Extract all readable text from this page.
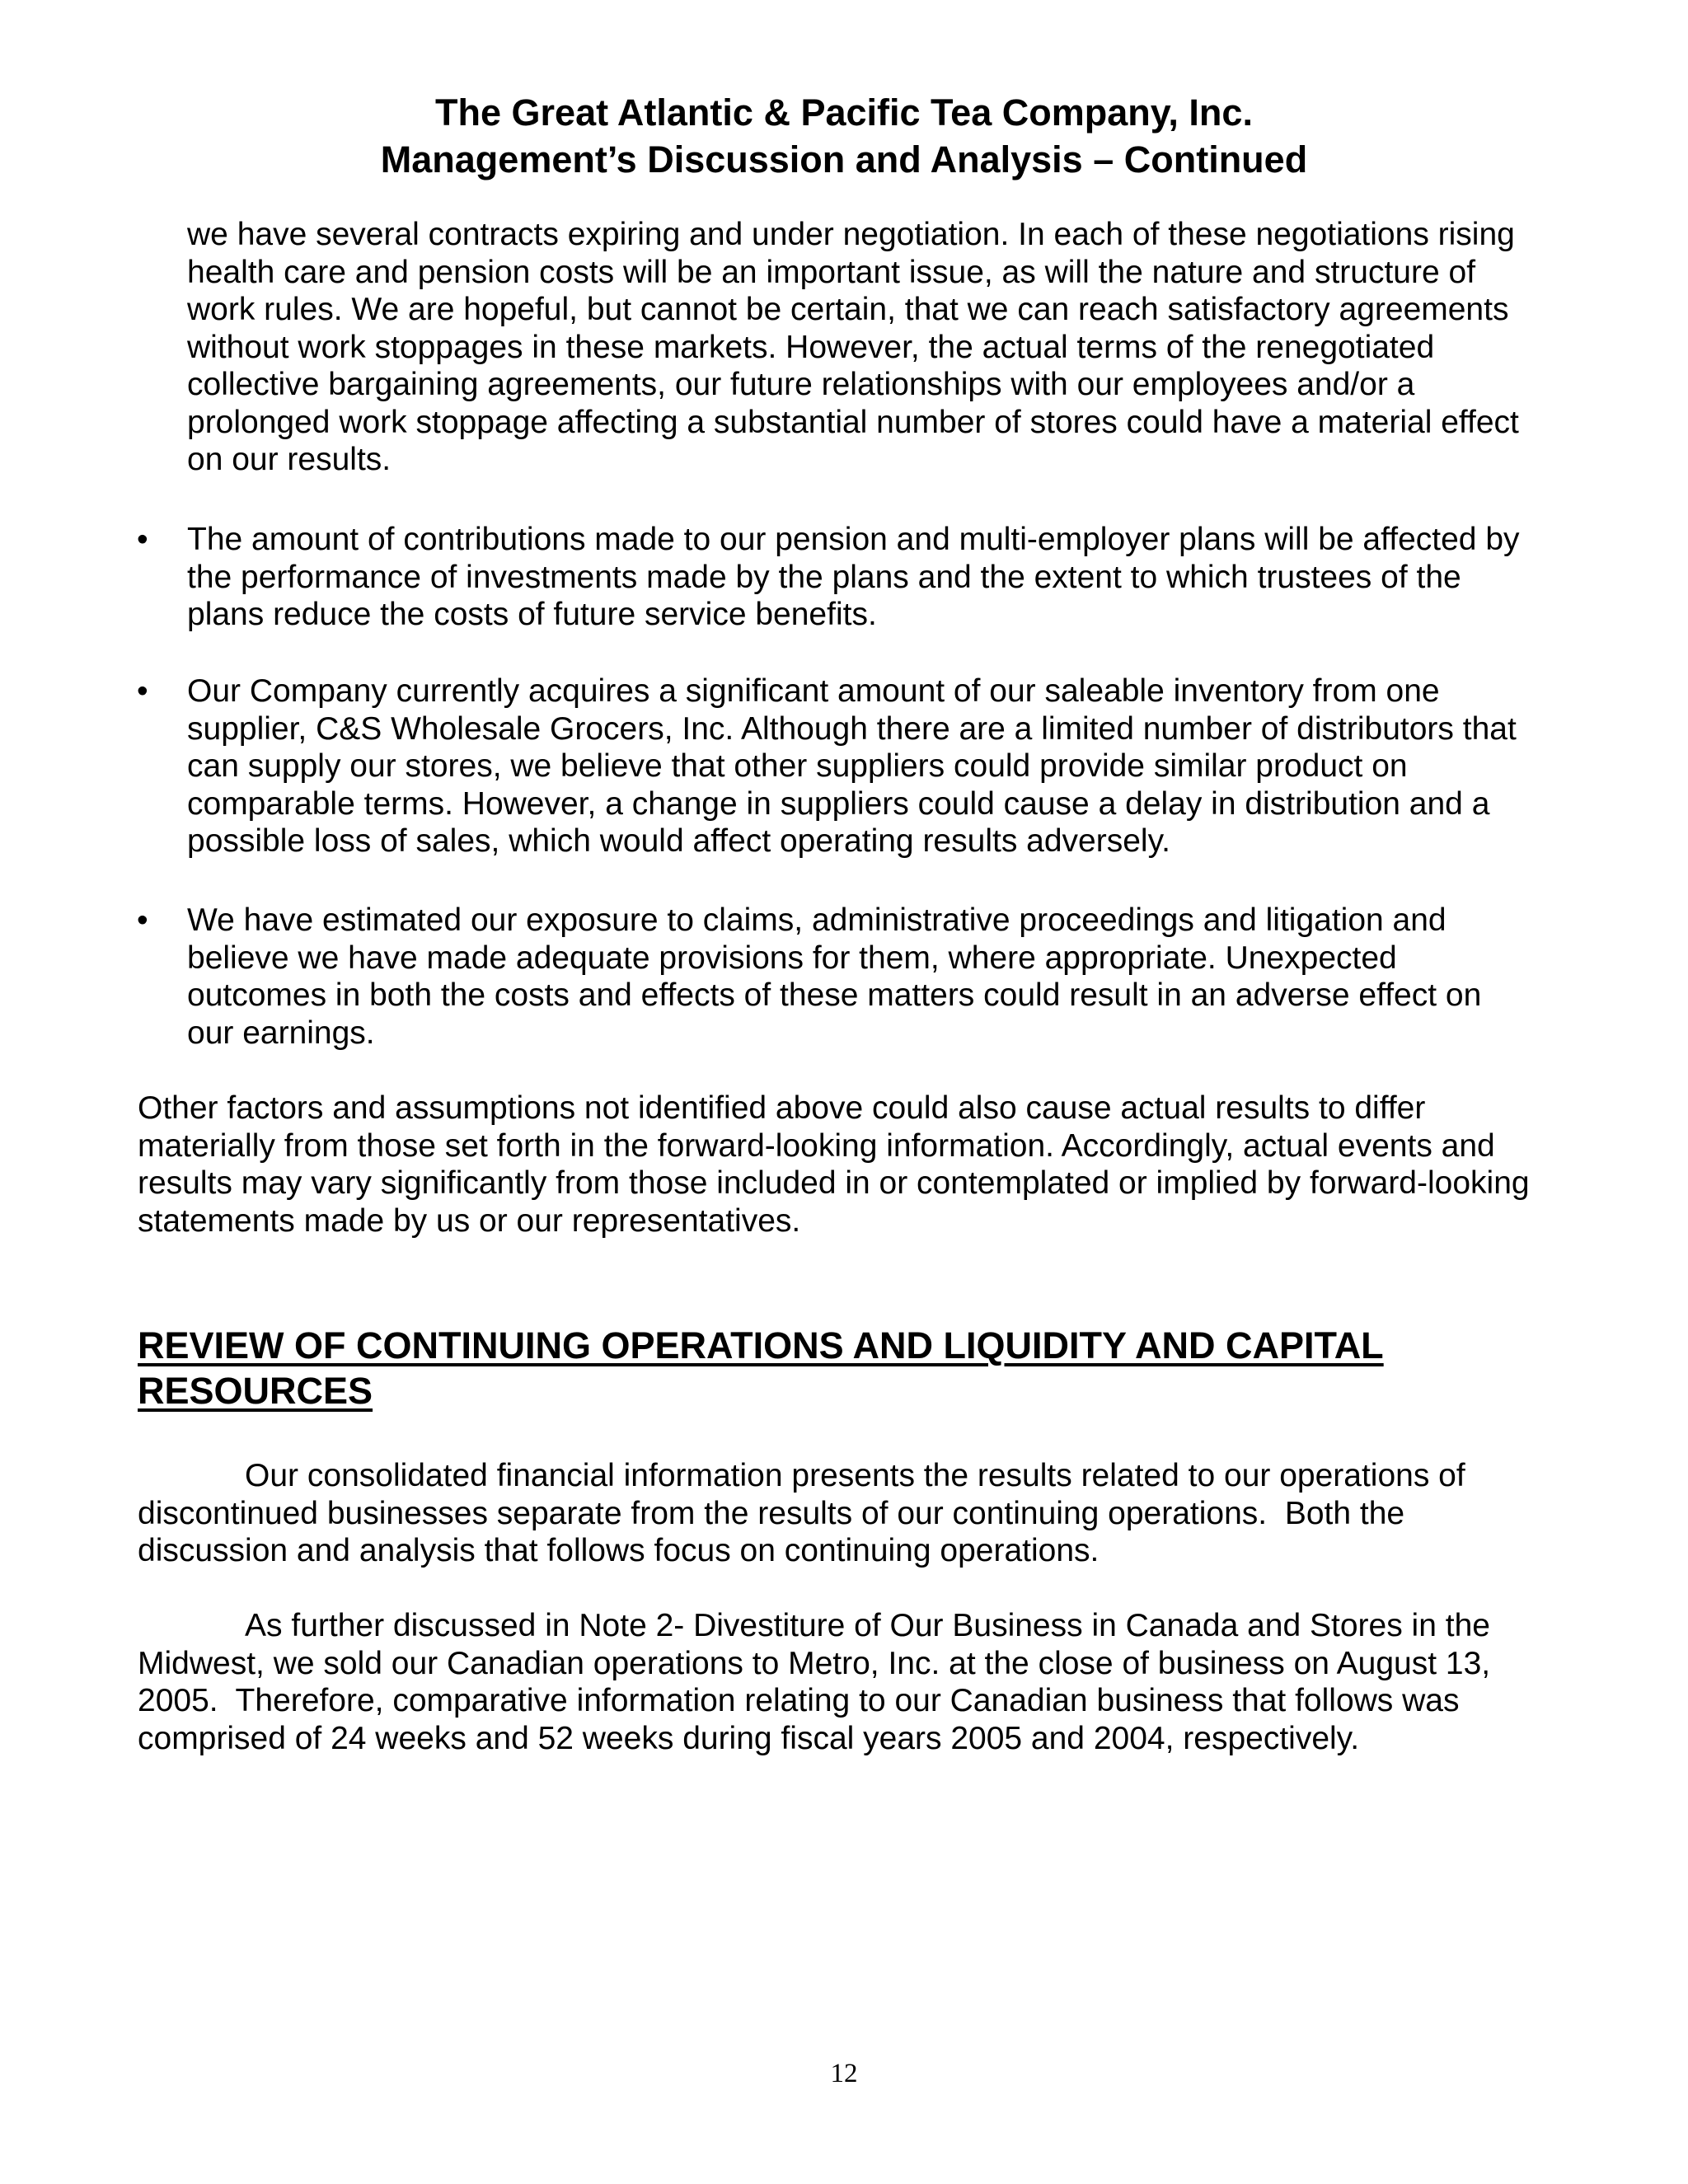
The Great Atlantic & Pacific Tea Company, Inc.
Management’s Discussion and Analysis – Continued
we have several contracts expiring and under negotiation. In each of these negotiations rising
health care and pension costs will be an important issue, as will the nature and structure of
work rules. We are hopeful, but cannot be certain, that we can reach satisfactory agreements
without work stoppages in these markets. However, the actual terms of the renegotiated
collective bargaining agreements, our future relationships with our employees and/or a
prolonged work stoppage affecting a substantial number of stores could have a material effect
on our results.
• The amount of contributions made to our pension and multi-employer plans will be affected by
the performance of investments made by the plans and the extent to which trustees of the
plans reduce the costs of future service benefits.
• Our Company currently acquires a significant amount of our saleable inventory from one
supplier, C&S Wholesale Grocers, Inc. Although there are a limited number of distributors that
can supply our stores, we believe that other suppliers could provide similar product on
comparable terms. However, a change in suppliers could cause a delay in distribution and a
possible loss of sales, which would affect operating results adversely.
• We have estimated our exposure to claims, administrative proceedings and litigation and
believe we have made adequate provisions for them, where appropriate. Unexpected
outcomes in both the costs and effects of these matters could result in an adverse effect on
our earnings.
Other factors and assumptions not identified above could also cause actual results to differ
materially from those set forth in the forward-looking information. Accordingly, actual events and
results may vary significantly from those included in or contemplated or implied by forward-looking
statements made by us or our representatives.
REVIEW OF CONTINUING OPERATIONS AND LIQUIDITY AND CAPITAL
RESOURCES
Our consolidated financial information presents the results related to our operations of
discontinued businesses separate from the results of our continuing operations.  Both the
discussion and analysis that follows focus on continuing operations.
As further discussed in Note 2- Divestiture of Our Business in Canada and Stores in the
Midwest, we sold our Canadian operations to Metro, Inc. at the close of business on August 13,
2005.  Therefore, comparative information relating to our Canadian business that follows was
comprised of 24 weeks and 52 weeks during fiscal years 2005 and 2004, respectively.
12
